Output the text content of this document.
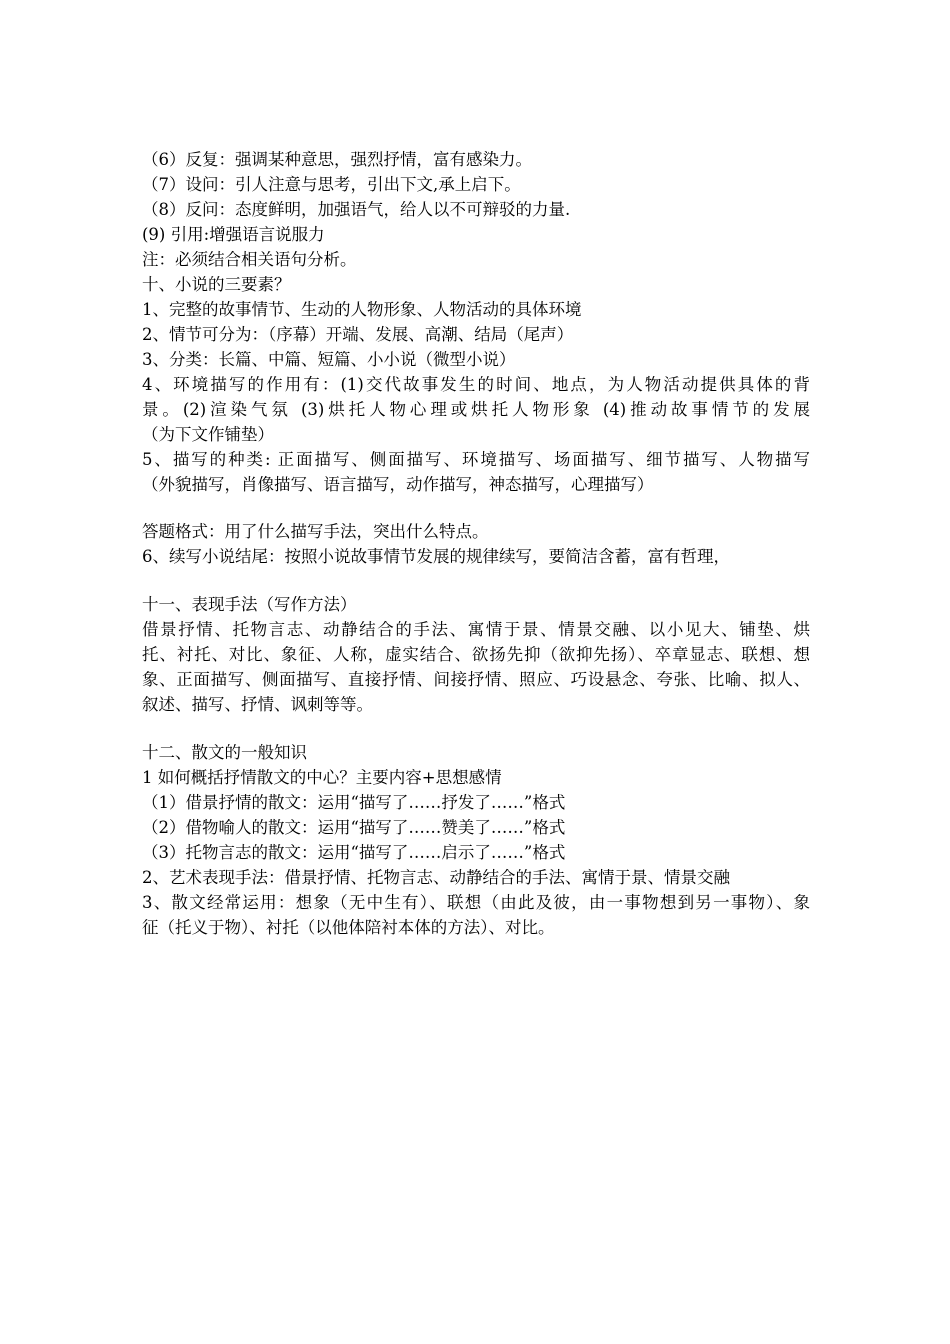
（6）反复：强调某种意思，强烈抒情，富有感染力。
（7）设问：引人注意与思考，引出下文,承上启下。
（8）反问：态度鲜明，加强语气，给人以不可辩驳的力量.
(9) 引用:增强语言说服力
注：必须结合相关语句分析。
十、小说的三要素？
1、完整的故事情节、生动的人物形象、人物活动的具体环境
2、情节可分为：（序幕）开端、发展、高潮、结局（尾声）
3、分类：长篇、中篇、短篇、小小说（微型小说）
4、环境描写的作用有：(1)交代故事发生的时间、地点，为人物活动提供具体的背
景。(2)渲染气氛 (3)烘托人物心理或烘托人物形象 (4)推动故事情节的发展
（为下文作铺垫）
5、描写的种类: 正面描写、侧面描写、环境描写、场面描写、细节描写、人物描写
（外貌描写，肖像描写、语言描写，动作描写，神态描写，心理描写）
答题格式：用了什么描写手法，突出什么特点。
6、续写小说结尾：按照小说故事情节发展的规律续写，要简洁含蓄，富有哲理，
十一、表现手法（写作方法）
借景抒情、托物言志、动静结合的手法、寓情于景、情景交融、以小见大、铺垫、烘
托、衬托、对比、象征、人称，虚实结合、欲扬先抑（欲抑先扬）、卒章显志、联想、想
象、正面描写、侧面描写、直接抒情、间接抒情、照应、巧设悬念、夸张、比喻、拟人、
叙述、描写、抒情、讽刺等等。
十二、散文的一般知识
1 如何概括抒情散文的中心？主要内容+思想感情
（1）借景抒情的散文：运用“描写了……抒发了……”格式
（2）借物喻人的散文：运用“描写了……赞美了……”格式
（3）托物言志的散文：运用“描写了……启示了……”格式
2、艺术表现手法：借景抒情、托物言志、动静结合的手法、寓情于景、情景交融
3、散文经常运用：想象（无中生有）、联想（由此及彼，由一事物想到另一事物）、象
征（托义于物）、衬托（以他体陪衬本体的方法）、对比。
